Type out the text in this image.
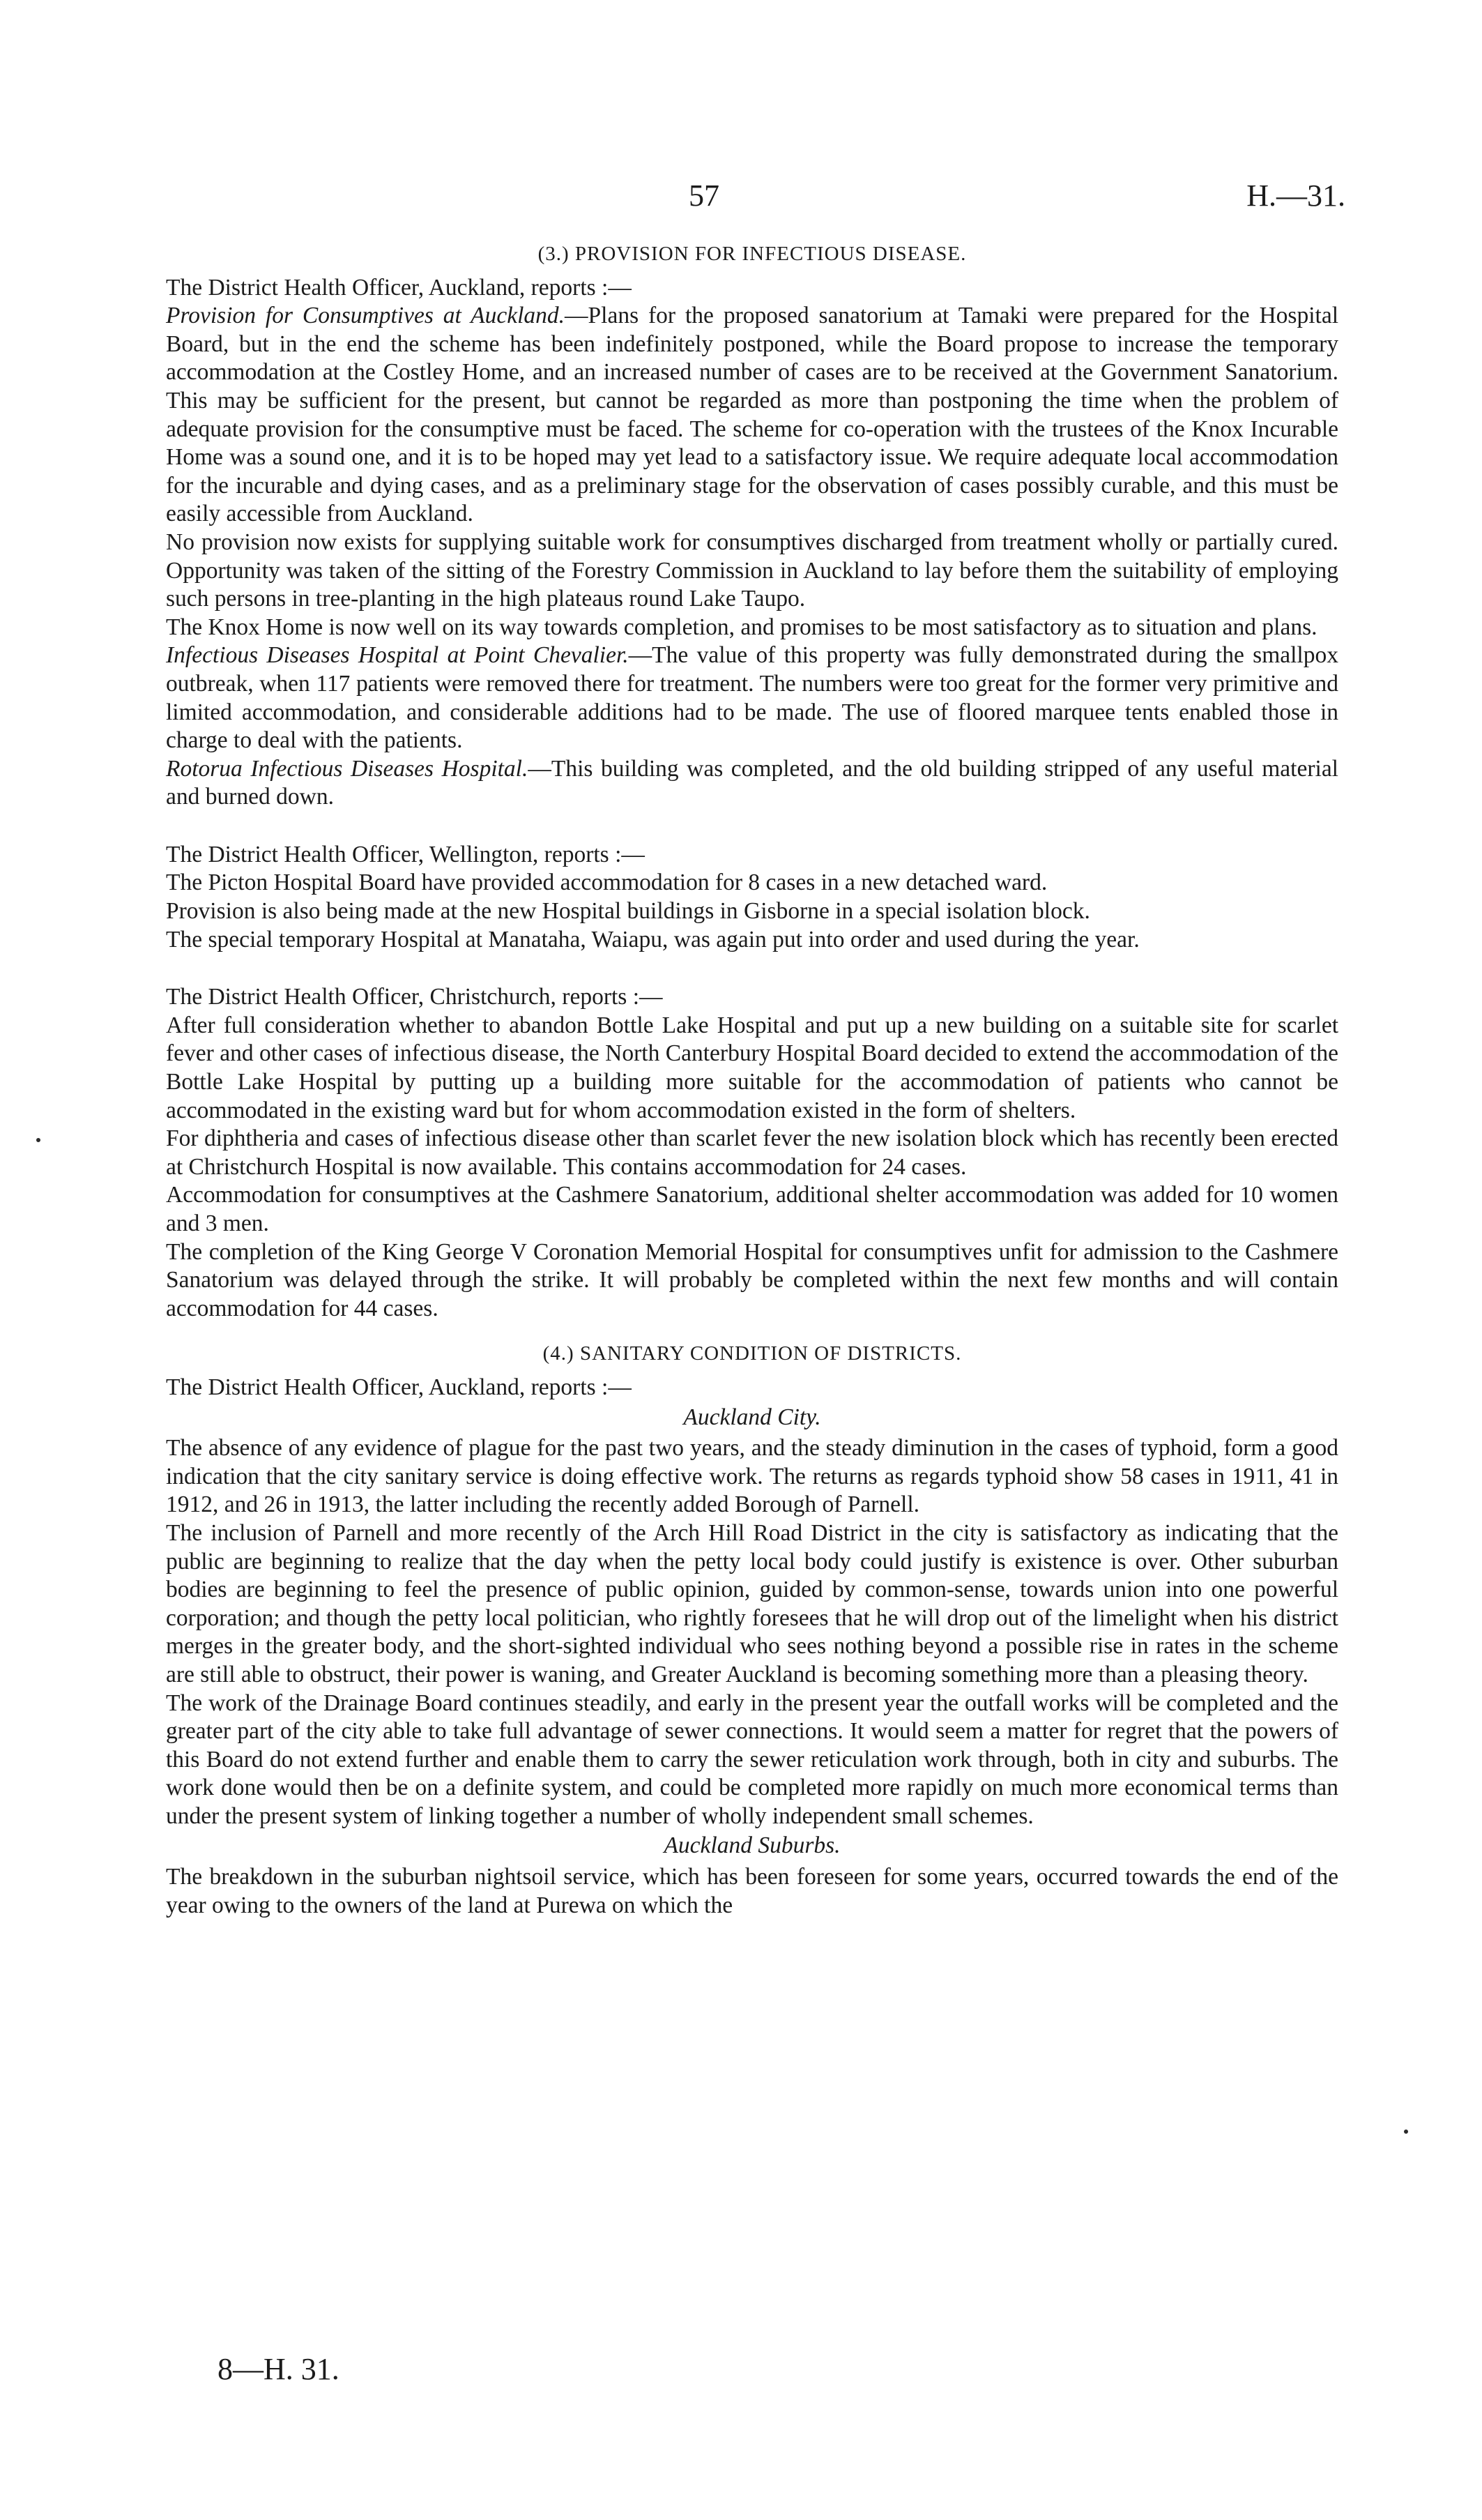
57	H.—31.

(3.) PROVISION FOR INFECTIOUS DISEASE.

The District Health Officer, Auckland, reports :—

Provision for Consumptives at Auckland.—Plans for the proposed sanatorium at Tamaki were prepared for the Hospital Board, but in the end the scheme has been indefinitely postponed, while the Board propose to increase the temporary accommodation at the Costley Home, and an increased number of cases are to be received at the Government Sanatorium. This may be sufficient for the present, but cannot be regarded as more than postponing the time when the problem of adequate provision for the consumptive must be faced. The scheme for co-operation with the trustees of the Knox Incurable Home was a sound one, and it is to be hoped may yet lead to a satisfactory issue. We require adequate local accommodation for the incurable and dying cases, and as a preliminary stage for the observation of cases possibly curable, and this must be easily accessible from Auckland.

No provision now exists for supplying suitable work for consumptives discharged from treatment wholly or partially cured. Opportunity was taken of the sitting of the Forestry Commission in Auckland to lay before them the suitability of employing such persons in tree-planting in the high plateaus round Lake Taupo.

The Knox Home is now well on its way towards completion, and promises to be most satisfactory as to situation and plans.

Infectious Diseases Hospital at Point Chevalier.—The value of this property was fully demonstrated during the smallpox outbreak, when 117 patients were removed there for treatment. The numbers were too great for the former very primitive and limited accommodation, and considerable additions had to be made. The use of floored marquee tents enabled those in charge to deal with the patients.

Rotorua Infectious Diseases Hospital.—This building was completed, and the old building stripped of any useful material and burned down.

The District Health Officer, Wellington, reports :—

The Picton Hospital Board have provided accommodation for 8 cases in a new detached ward.

Provision is also being made at the new Hospital buildings in Gisborne in a special isolation block.

The special temporary Hospital at Manataha, Waiapu, was again put into order and used during the year.

The District Health Officer, Christchurch, reports :—

After full consideration whether to abandon Bottle Lake Hospital and put up a new building on a suitable site for scarlet fever and other cases of infectious disease, the North Canterbury Hospital Board decided to extend the accommodation of the Bottle Lake Hospital by putting up a building more suitable for the accommodation of patients who cannot be accommodated in the existing ward but for whom accommodation existed in the form of shelters.

For diphtheria and cases of infectious disease other than scarlet fever the new isolation block which has recently been erected at Christchurch Hospital is now available. This contains accommodation for 24 cases.

Accommodation for consumptives at the Cashmere Sanatorium, additional shelter accommodation was added for 10 women and 3 men.

The completion of the King George V Coronation Memorial Hospital for consumptives unfit for admission to the Cashmere Sanatorium was delayed through the strike. It will probably be completed within the next few months and will contain accommodation for 44 cases.

(4.) SANITARY CONDITION OF DISTRICTS.

The District Health Officer, Auckland, reports :—

Auckland City.

The absence of any evidence of plague for the past two years, and the steady diminution in the cases of typhoid, form a good indication that the city sanitary service is doing effective work. The returns as regards typhoid show 58 cases in 1911, 41 in 1912, and 26 in 1913, the latter including the recently added Borough of Parnell.

The inclusion of Parnell and more recently of the Arch Hill Road District in the city is satisfactory as indicating that the public are beginning to realize that the day when the petty local body could justify is existence is over. Other suburban bodies are beginning to feel the presence of public opinion, guided by common-sense, towards union into one powerful corporation; and though the petty local politician, who rightly foresees that he will drop out of the limelight when his district merges in the greater body, and the short-sighted individual who sees nothing beyond a possible rise in rates in the scheme are still able to obstruct, their power is waning, and Greater Auckland is becoming something more than a pleasing theory.

The work of the Drainage Board continues steadily, and early in the present year the outfall works will be completed and the greater part of the city able to take full advantage of sewer connections. It would seem a matter for regret that the powers of this Board do not extend further and enable them to carry the sewer reticulation work through, both in city and suburbs. The work done would then be on a definite system, and could be completed more rapidly on much more economical terms than under the present system of linking together a number of wholly independent small schemes.

Auckland Suburbs.

The breakdown in the suburban nightsoil service, which has been foreseen for some years, occurred towards the end of the year owing to the owners of the land at Purewa on which the

8—H. 31.
